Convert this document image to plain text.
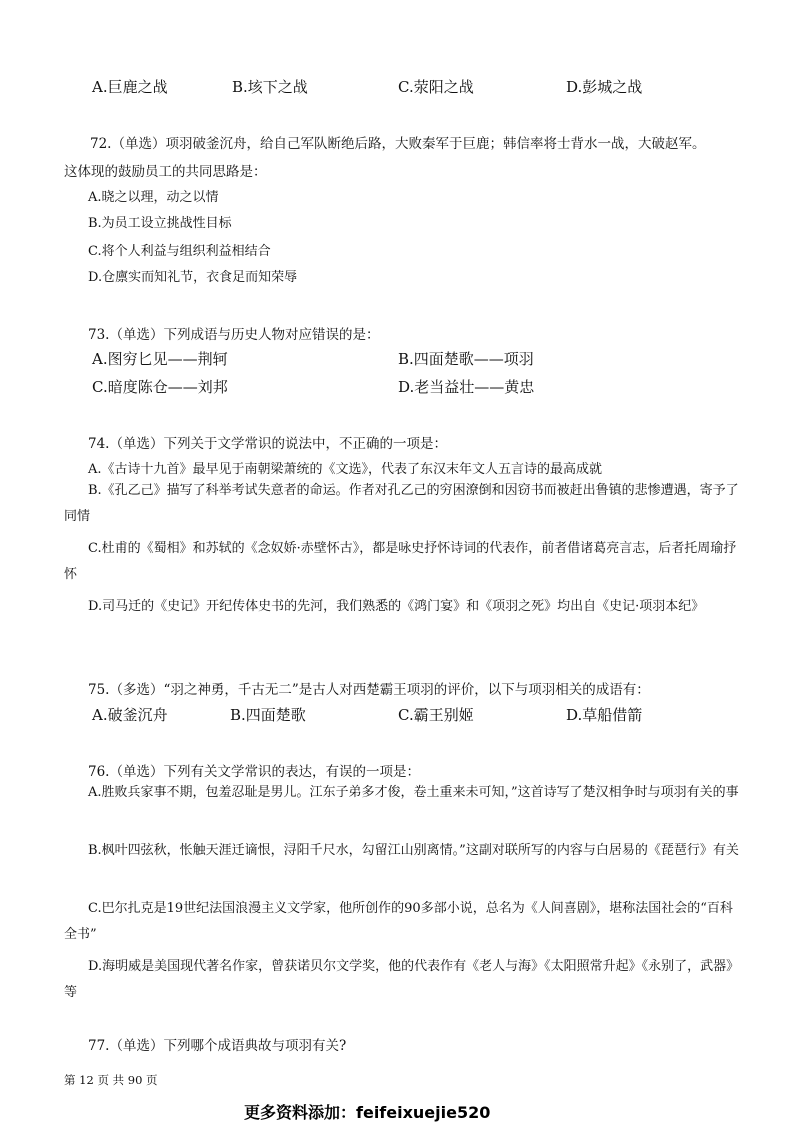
A.巨鹿之战	B.垓下之战	C.荥阳之战	D.彭城之战
72.（单选）项羽破釜沉舟，给自己军队断绝后路，大败秦军于巨鹿；韩信率将士背水一战，大破赵军。
这体现的鼓励员工的共同思路是：
A.晓之以理，动之以情
B.为员工设立挑战性目标
C.将个人利益与组织利益相结合
D.仓廪实而知礼节，衣食足而知荣辱
73.（单选）下列成语与历史人物对应错误的是：
A.图穷匕见——荆轲	B.四面楚歌——项羽
C.暗度陈仓——刘邦	D.老当益壮——黄忠
74.（单选）下列关于文学常识的说法中，不正确的一项是：
A.《古诗十九首》最早见于南朝梁萧统的《文选》，代表了东汉末年文人五言诗的最高成就
B.《孔乙己》描写了科举考试失意者的命运。作者对孔乙己的穷困潦倒和因窃书而被赶出鲁镇的悲惨遭遇，寄予了同情
C.杜甫的《蜀相》和苏轼的《念奴娇·赤壁怀古》，都是咏史抒怀诗词的代表作，前者借诸葛亮言志，后者托周瑜抒怀
D.司马迁的《史记》开纪传体史书的先河，我们熟悉的《鸿门宴》和《项羽之死》均出自《史记·项羽本纪》
75.（多选）“羽之神勇，千古无二”是古人对西楚霸王项羽的评价，以下与项羽相关的成语有：
A.破釜沉舟	B.四面楚歌	C.霸王别姬	D.草船借箭
76.（单选）下列有关文学常识的表达，有误的一项是：
A.胜败兵家事不期，包羞忍耻是男儿。江东子弟多才俊，卷土重来未可知，”这首诗写了楚汉相争时与项羽有关的事
B.枫叶四弦秋，怅触天涯迁谪恨，浔阳千尺水，勾留江山别离情。”这副对联所写的内容与白居易的《琵琶行》有关
C.巴尔扎克是19世纪法国浪漫主义文学家，他所创作的90多部小说，总名为《人间喜剧》，堪称法国社会的“百科全书”
D.海明威是美国现代著名作家，曾获诺贝尔文学奖，他的代表作有《老人与海》《太阳照常升起》《永别了，武器》等
77.（单选）下列哪个成语典故与项羽有关?
第 12 页 共 90 页
更多资料添加：feifeixuejie520
